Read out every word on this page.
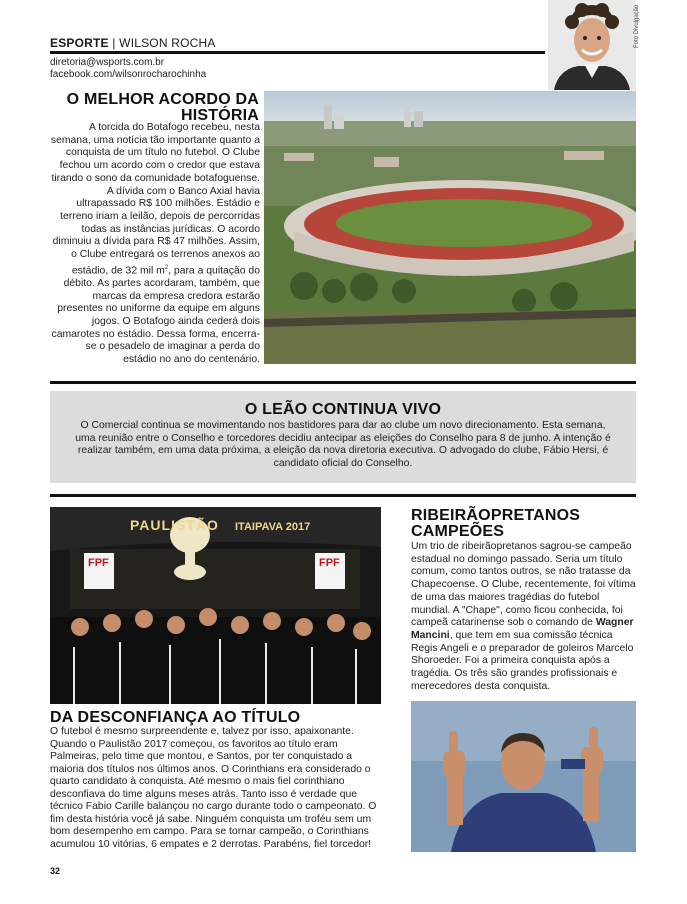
ESPORTE | WILSON ROCHA
diretoria@wsports.com.br
facebook.com/wilsonrocharochinha
Foto Divulgação
O MELHOR ACORDO DA HISTÓRIA
A torcida do Botafogo recebeu, nesta semana, uma notícia tão importante quanto a conquista de um título no futebol. O Clube fechou um acordo com o credor que estava tirando o sono da comunidade botafoguense. A dívida com o Banco Axial havia ultrapassado R$ 100 milhões. Estádio e terreno iriam a leilão, depois de percorridas todas as instâncias jurídicas. O acordo diminuiu a dívida para R$ 47 milhões. Assim, o Clube entregará os terrenos anexos ao estádio, de 32 mil $m^2$, para a quitação do débito. As partes acordaram, também, que marcas da empresa credora estarão presentes no uniforme da equipe em alguns jogos. O Botafogo ainda cederá dois camarotes no estádio. Dessa forma, encerra-se o pesadelo de imaginar a perda do estádio no ano do centenário.
O LEÃO CONTINUA VIVO
O Comercial continua se movimentando nos bastidores para dar ao clube um novo direcionamento. Esta semana, uma reunião entre o Conselho e torcedores decidiu antecipar as eleições do Conselho para 8 de junho. A intenção é realizar também, em uma data próxima, a eleição da nova diretoria executiva. O advogado do clube, Fábio Hersi, é candidato oficial do Conselho.
PAULISTÃO ITAIPAVA 2017
FPF	FPF
DA DESCONFIANÇA AO TÍTULO
O futebol é mesmo surpreendente e, talvez por isso, apaixonante. Quando o Paulistão 2017 começou, os favoritos ao título eram Palmeiras, pelo time que montou, e Santos, por ter conquistado a maioria dos títulos nos últimos anos. O Corinthians era considerado o quarto candidato à conquista. Até mesmo o mais fiel corinthiano desconfiava do time alguns meses atrás. Tanto isso é verdade que técnico Fabio Carille balançou no cargo durante todo o campeonato. O fim desta história você já sabe. Ninguém conquista um troféu sem um bom desempenho em campo. Para se tornar campeão, o Corinthians acumulou 10 vitórias, 6 empates e 2 derrotas. Parabéns, fiel torcedor!
RIBEIRÃOPRETANOS CAMPEÕES
Um trio de ribeirãopretanos sagrou-se campeão estadual no domingo passado. Seria um título comum, como tantos outros, se não tratasse da Chapecoense. O Clube, recentemente, foi vítima de uma das maiores tragédias do futebol mundial. A "Chape", como ficou conhecida, foi campeã catarinense sob o comando de Wagner Mancini, que tem em sua comissão técnica Regis Angeli e o preparador de goleiros Marcelo Shoroeder. Foi a primeira conquista após a tragédia. Os três são grandes profissionais e merecedores desta conquista.
32
